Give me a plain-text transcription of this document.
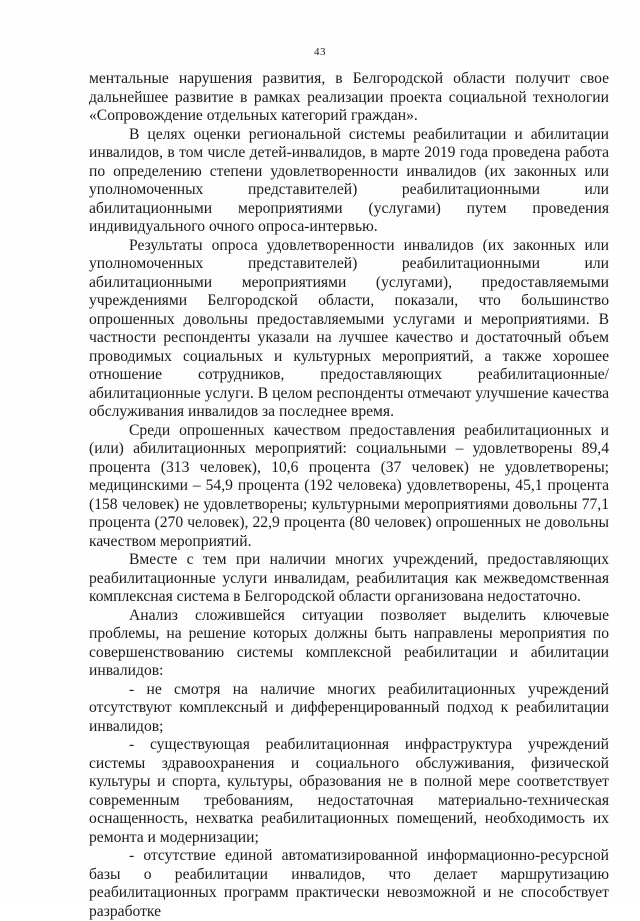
43

ментальные нарушения развития, в Белгородской области получит свое дальнейшее развитие в рамках реализации проекта социальной технологии «Сопровождение отдельных категорий граждан».

В целях оценки региональной системы реабилитации и абилитации инвалидов, в том числе детей-инвалидов, в марте 2019 года проведена работа по определению степени удовлетворенности инвалидов (их законных или уполномоченных представителей) реабилитационными или абилитационными мероприятиями (услугами) путем проведения индивидуального очного опроса-интервью.

Результаты опроса удовлетворенности инвалидов (их законных или уполномоченных представителей) реабилитационными или абилитационными мероприятиями (услугами), предоставляемыми учреждениями Белгородской области, показали, что большинство опрошенных довольны предоставляемыми услугами и мероприятиями. В частности респонденты указали на лучшее качество и достаточный объем проводимых социальных и культурных мероприятий, а также хорошее отношение сотрудников, предоставляющих реабилитационные/абилитационные услуги. В целом респонденты отмечают улучшение качества обслуживания инвалидов за последнее время.

Среди опрошенных качеством предоставления реабилитационных и (или) абилитационных мероприятий: социальными – удовлетворены 89,4 процента (313 человек), 10,6 процента (37 человек) не удовлетворены; медицинскими – 54,9 процента (192 человека) удовлетворены, 45,1 процента (158 человек) не удовлетворены; культурными мероприятиями довольны 77,1 процента (270 человек), 22,9 процента (80 человек) опрошенных не довольны качеством мероприятий.

Вместе с тем при наличии многих учреждений, предоставляющих реабилитационные услуги инвалидам, реабилитация как межведомственная комплексная система в Белгородской области организована недостаточно.

Анализ сложившейся ситуации позволяет выделить ключевые проблемы, на решение которых должны быть направлены мероприятия по совершенствованию системы комплексной реабилитации и абилитации инвалидов:

- не смотря на наличие многих реабилитационных учреждений отсутствуют комплексный и дифференцированный подход к реабилитации инвалидов;

- существующая реабилитационная инфраструктура учреждений системы здравоохранения и социального обслуживания, физической культуры и спорта, культуры, образования не в полной мере соответствует современным требованиям, недостаточная материально-техническая оснащенность, нехватка реабилитационных помещений, необходимость их ремонта и модернизации;

- отсутствие единой автоматизированной информационно-ресурсной базы о реабилитации инвалидов, что делает маршрутизацию реабилитационных программ практически невозможной и не способствует разработке
